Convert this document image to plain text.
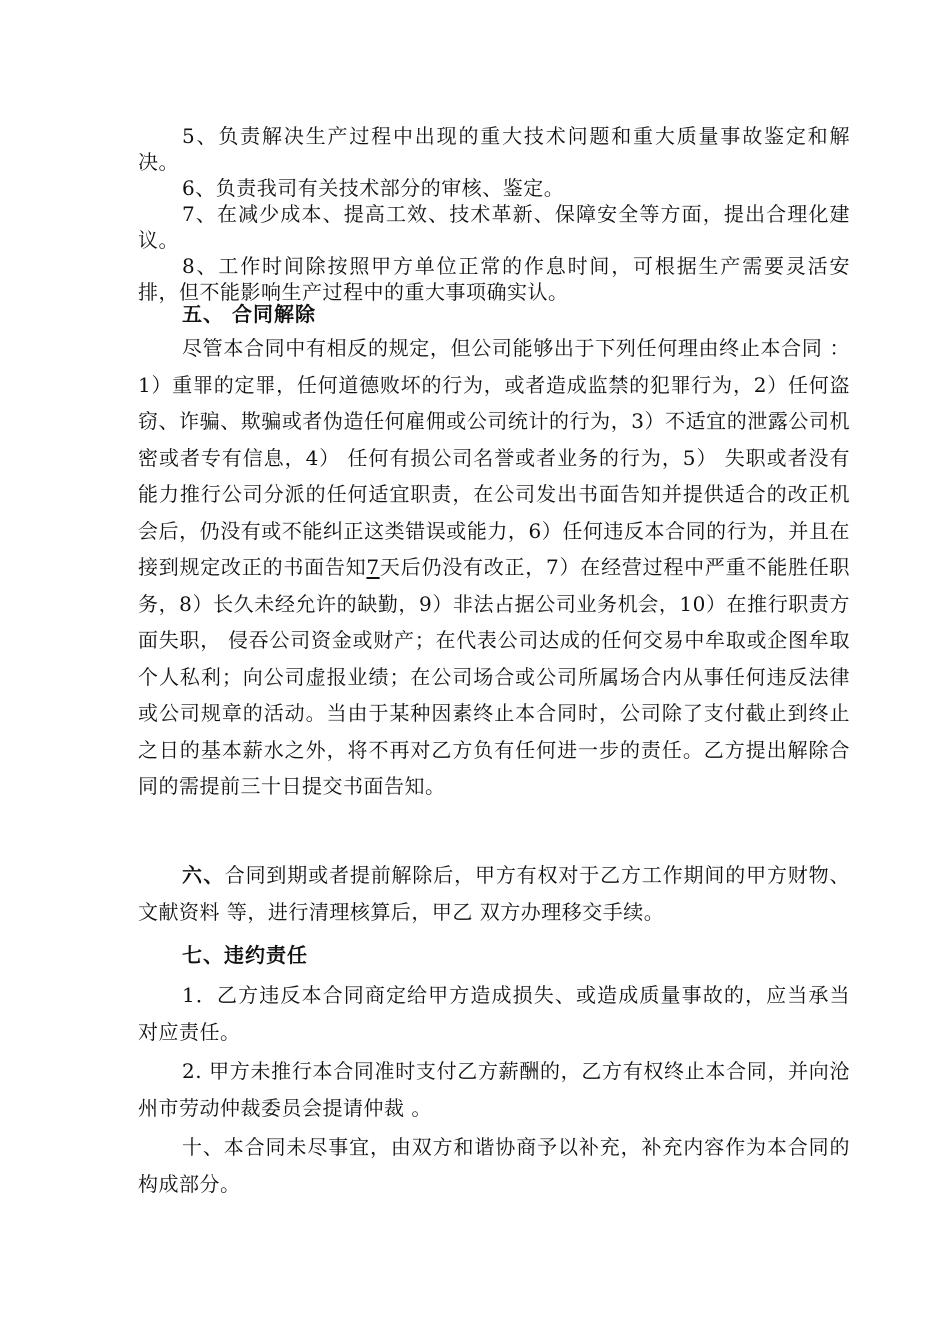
5、负责解决生产过程中出现的重大技术问题和重大质量事故鉴定和解决。

6、负责我司有关技术部分的审核、鉴定。

7、在减少成本、提高工效、技术革新、保障安全等方面，提出合理化建议。

8、工作时间除按照甲方单位正常的作息时间，可根据生产需要灵活安排，但不能影响生产过程中的重大事项确实认。

五、 合同解除

尽管本合同中有相反的规定，但公司能够出于下列任何理由终止本合同 ：1）重罪的定罪，任何道德败坏的行为，或者造成监禁的犯罪行为，2）任何盗窃、诈骗、欺骗或者伪造任何雇佣或公司统计的行为，3）不适宜的泄露公司机密或者专有信息，4） 任何有损公司名誉或者业务的行为，5） 失职或者没有能力推行公司分派的任何适宜职责，在公司发出书面告知并提供适合的改正机会后，仍没有或不能纠正这类错误或能力，6）任何违反本合同的行为，并且在接到规定改正的书面告知7天后仍没有改正，7）在经营过程中严重不能胜任职务，8）长久未经允许的缺勤，9）非法占据公司业务机会，10）在推行职责方面失职， 侵吞公司资金或财产；在代表公司达成的任何交易中牟取或企图牟取个人私利；向公司虚报业绩；在公司场合或公司所属场合内从事任何违反法律或公司规章的活动。当由于某种因素终止本合同时，公司除了支付截止到终止之日的基本薪水之外，将不再对乙方负有任何进一步的责任。乙方提出解除合同的需提前三十日提交书面告知。

六、合同到期或者提前解除后，甲方有权对于乙方工作期间的甲方财物、文献资料 等，进行清理核算后，甲乙 双方办理移交手续。

七、违约责任

1．乙方违反本合同商定给甲方造成损失、或造成质量事故的，应当承当对应责任。

2. 甲方未推行本合同准时支付乙方薪酬的，乙方有权终止本合同，并向沧州市劳动仲裁委员会提请仲裁 。

十、本合同未尽事宜，由双方和谐协商予以补充，补充内容作为本合同的构成部分。
